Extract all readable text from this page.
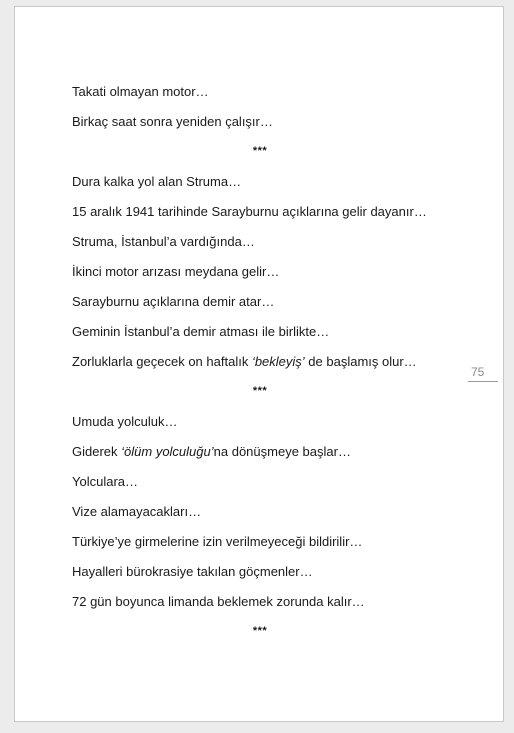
Takati olmayan motor…
Birkaç saat sonra yeniden çalışır…
***
Dura kalka yol alan Struma…
15 aralık 1941 tarihinde Sarayburnu açıklarına gelir dayanır…
Struma, İstanbul’a vardığında…
İkinci motor arızası meydana gelir…
Sarayburnu açıklarına demir atar…
Geminin İstanbul’a demir atması ile birlikte…
Zorluklarla geçecek on haftalık ‘bekleyiş’ de başlamış olur…
***
Umuda yolculuk…
Giderek ‘ölüm yolculuğu’na dönüşmeye başlar…
Yolculara…
Vize alamayacakları…
Türkiye’ye girmelerine izin verilmeyeceği bildirilir…
Hayalleri bürokrasiye takılan göçmenler…
72 gün boyunca limanda beklemek zorunda kalır…
***
75
